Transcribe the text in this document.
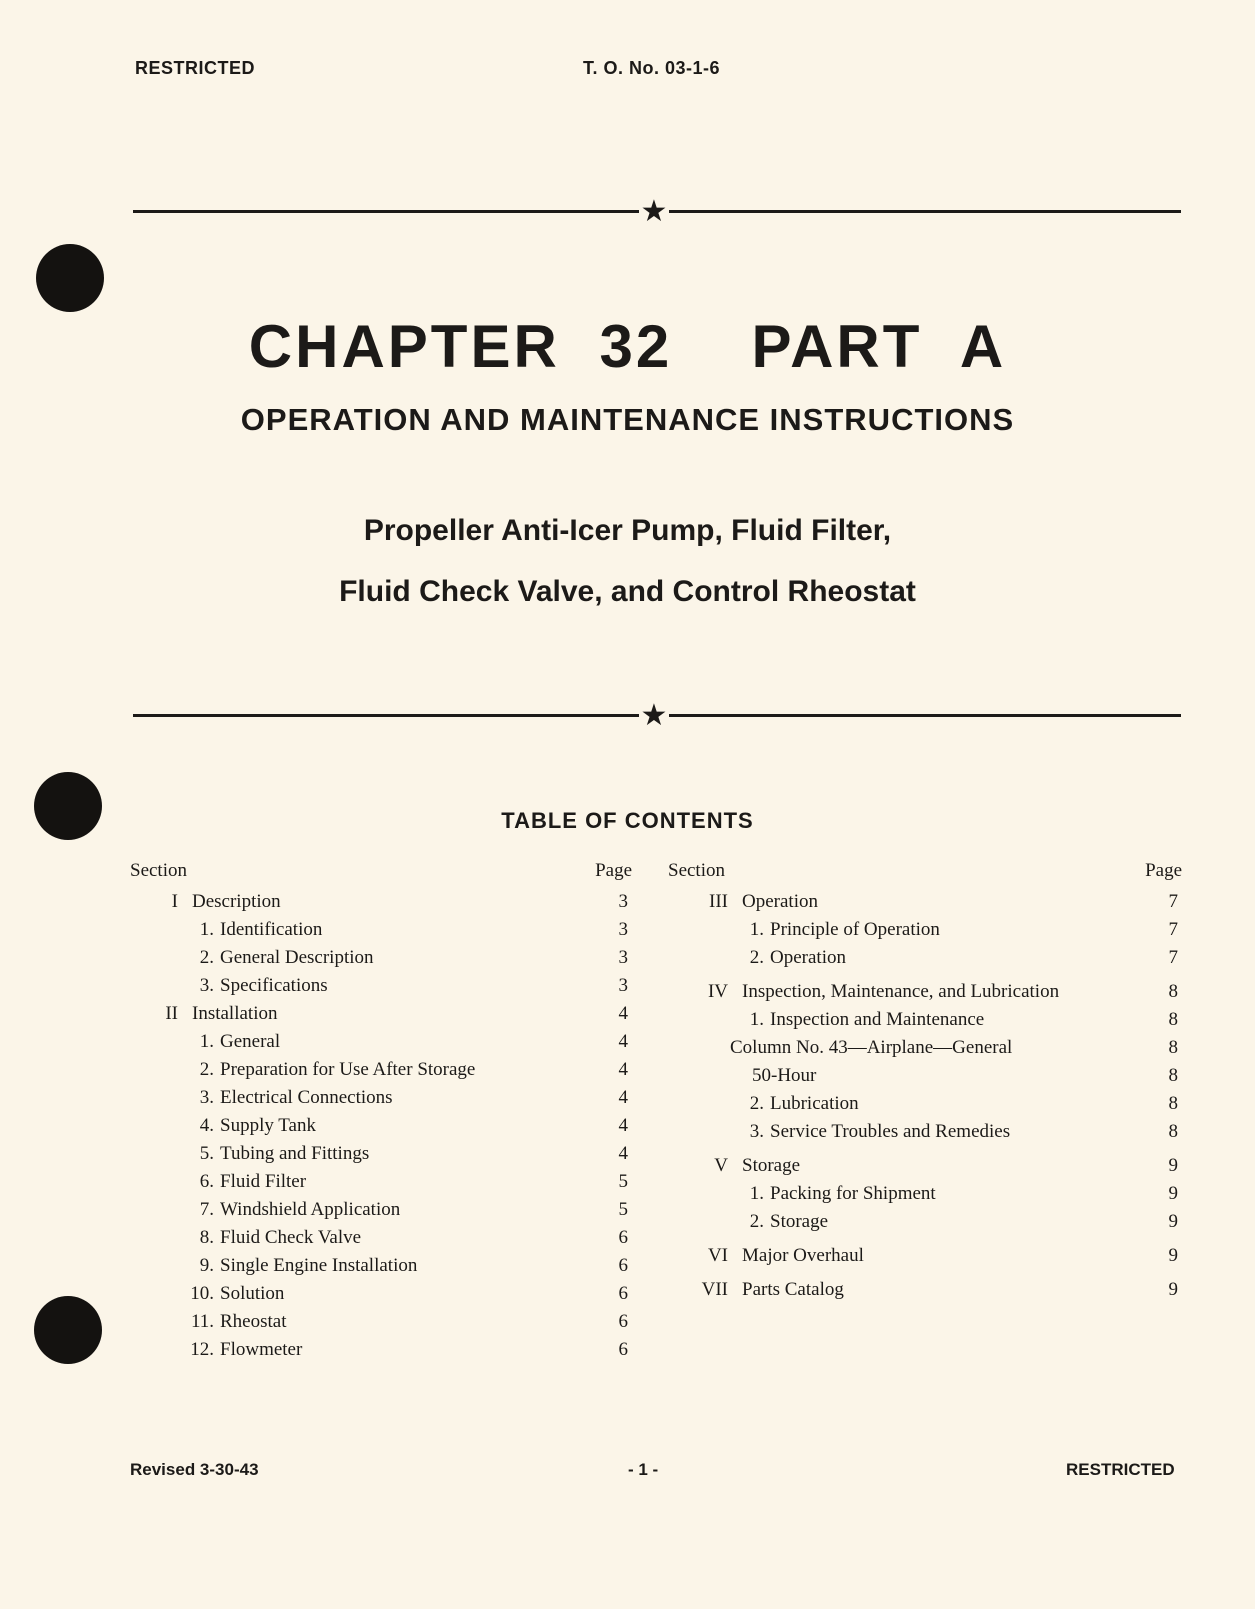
RESTRICTED	T. O. No. 03-1-6
★
CHAPTER 32  PART A
OPERATION AND MAINTENANCE INSTRUCTIONS
Propeller Anti-Icer Pump, Fluid Filter,
Fluid Check Valve, and Control Rheostat
★
TABLE OF CONTENTS
Section	Page
I Description	3
1. Identification	3
2. General Description	3
3. Specifications	3
II Installation	4
1. General	4
2. Preparation for Use After Storage	4
3. Electrical Connections	4
4. Supply Tank	4
5. Tubing and Fittings	4
6. Fluid Filter	5
7. Windshield Application	5
8. Fluid Check Valve	6
9. Single Engine Installation	6
10. Solution	6
11. Rheostat	6
12. Flowmeter	6
Section	Page
III Operation	7
1. Principle of Operation	7
2. Operation	7
IV Inspection, Maintenance, and Lubrication	8
1. Inspection and Maintenance	8
Column No. 43—Airplane—General	8
50-Hour	8
2. Lubrication	8
3. Service Troubles and Remedies	8
V Storage	9
1. Packing for Shipment	9
2. Storage	9
VI Major Overhaul	9
VII Parts Catalog	9
Revised 3-30-43	- 1 -	RESTRICTED
